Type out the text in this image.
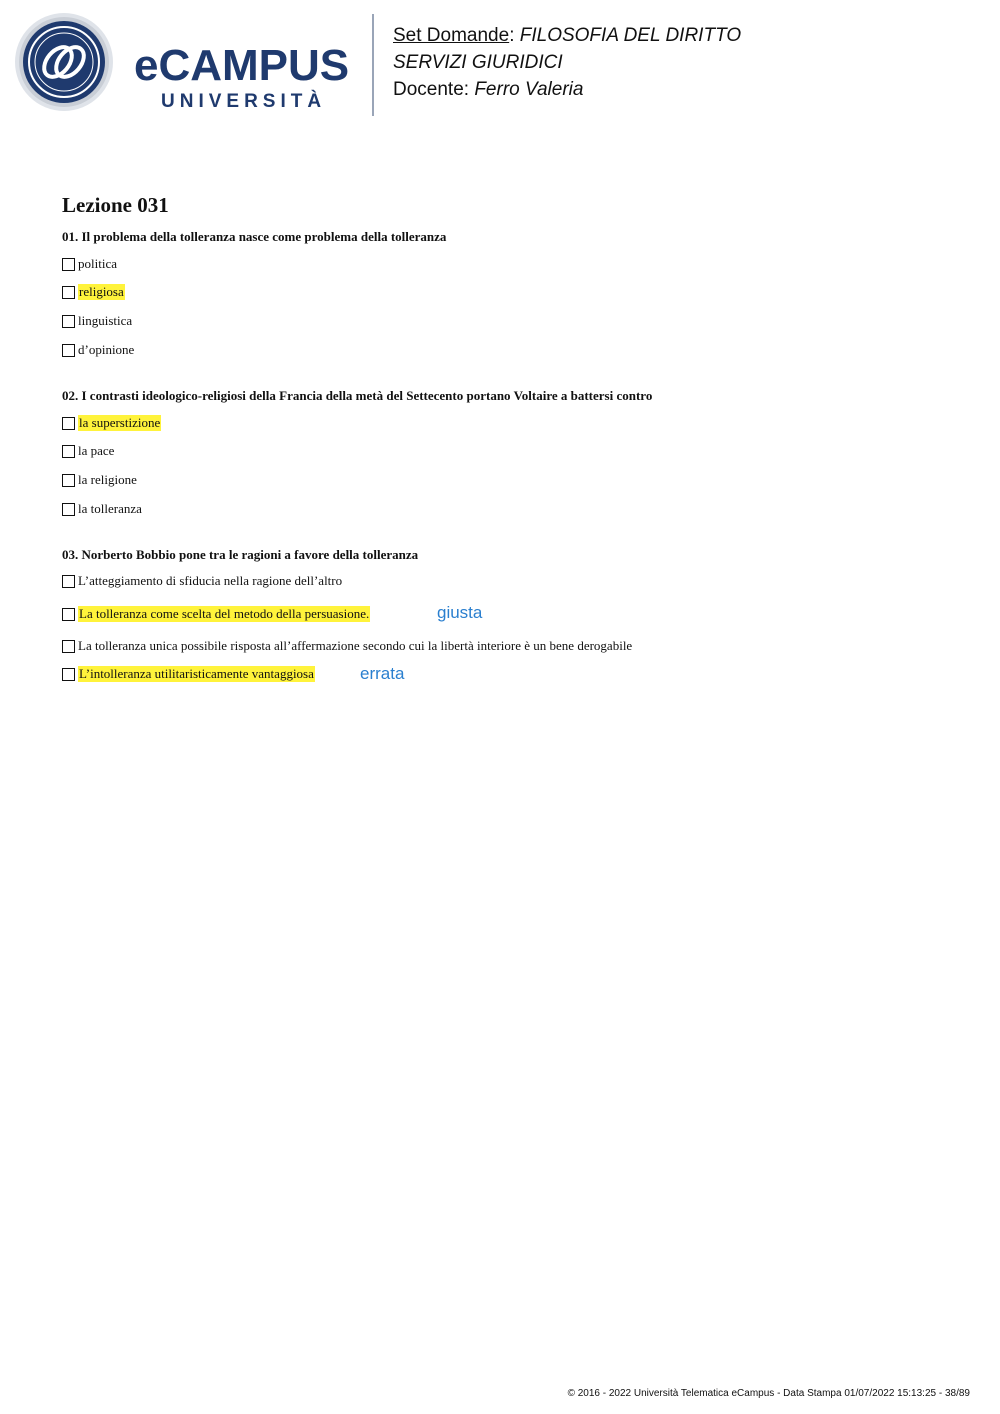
eCAMPUS
UNIVERSITÀ
Set Domande: FILOSOFIA DEL DIRITTO
SERVIZI GIURIDICI
Docente: Ferro Valeria
Lezione 031
01. Il problema della tolleranza nasce come problema della tolleranza
politica
religiosa
linguistica
d’opinione
02. I contrasti ideologico-religiosi della Francia della metà del Settecento portano Voltaire a battersi contro
la superstizione
la pace
la religione
la tolleranza
03. Norberto Bobbio pone tra le ragioni a favore della tolleranza
L’atteggiamento di sfiducia nella ragione dell’altro
La tolleranza come scelta del metodo della persuasione.	giusta
La tolleranza unica possibile risposta all’affermazione secondo cui la libertà interiore è un bene derogabile
L’intolleranza utilitaristicamente vantaggiosa	errata
© 2016 - 2022 Università Telematica eCampus - Data Stampa 01/07/2022 15:13:25 - 38/89
